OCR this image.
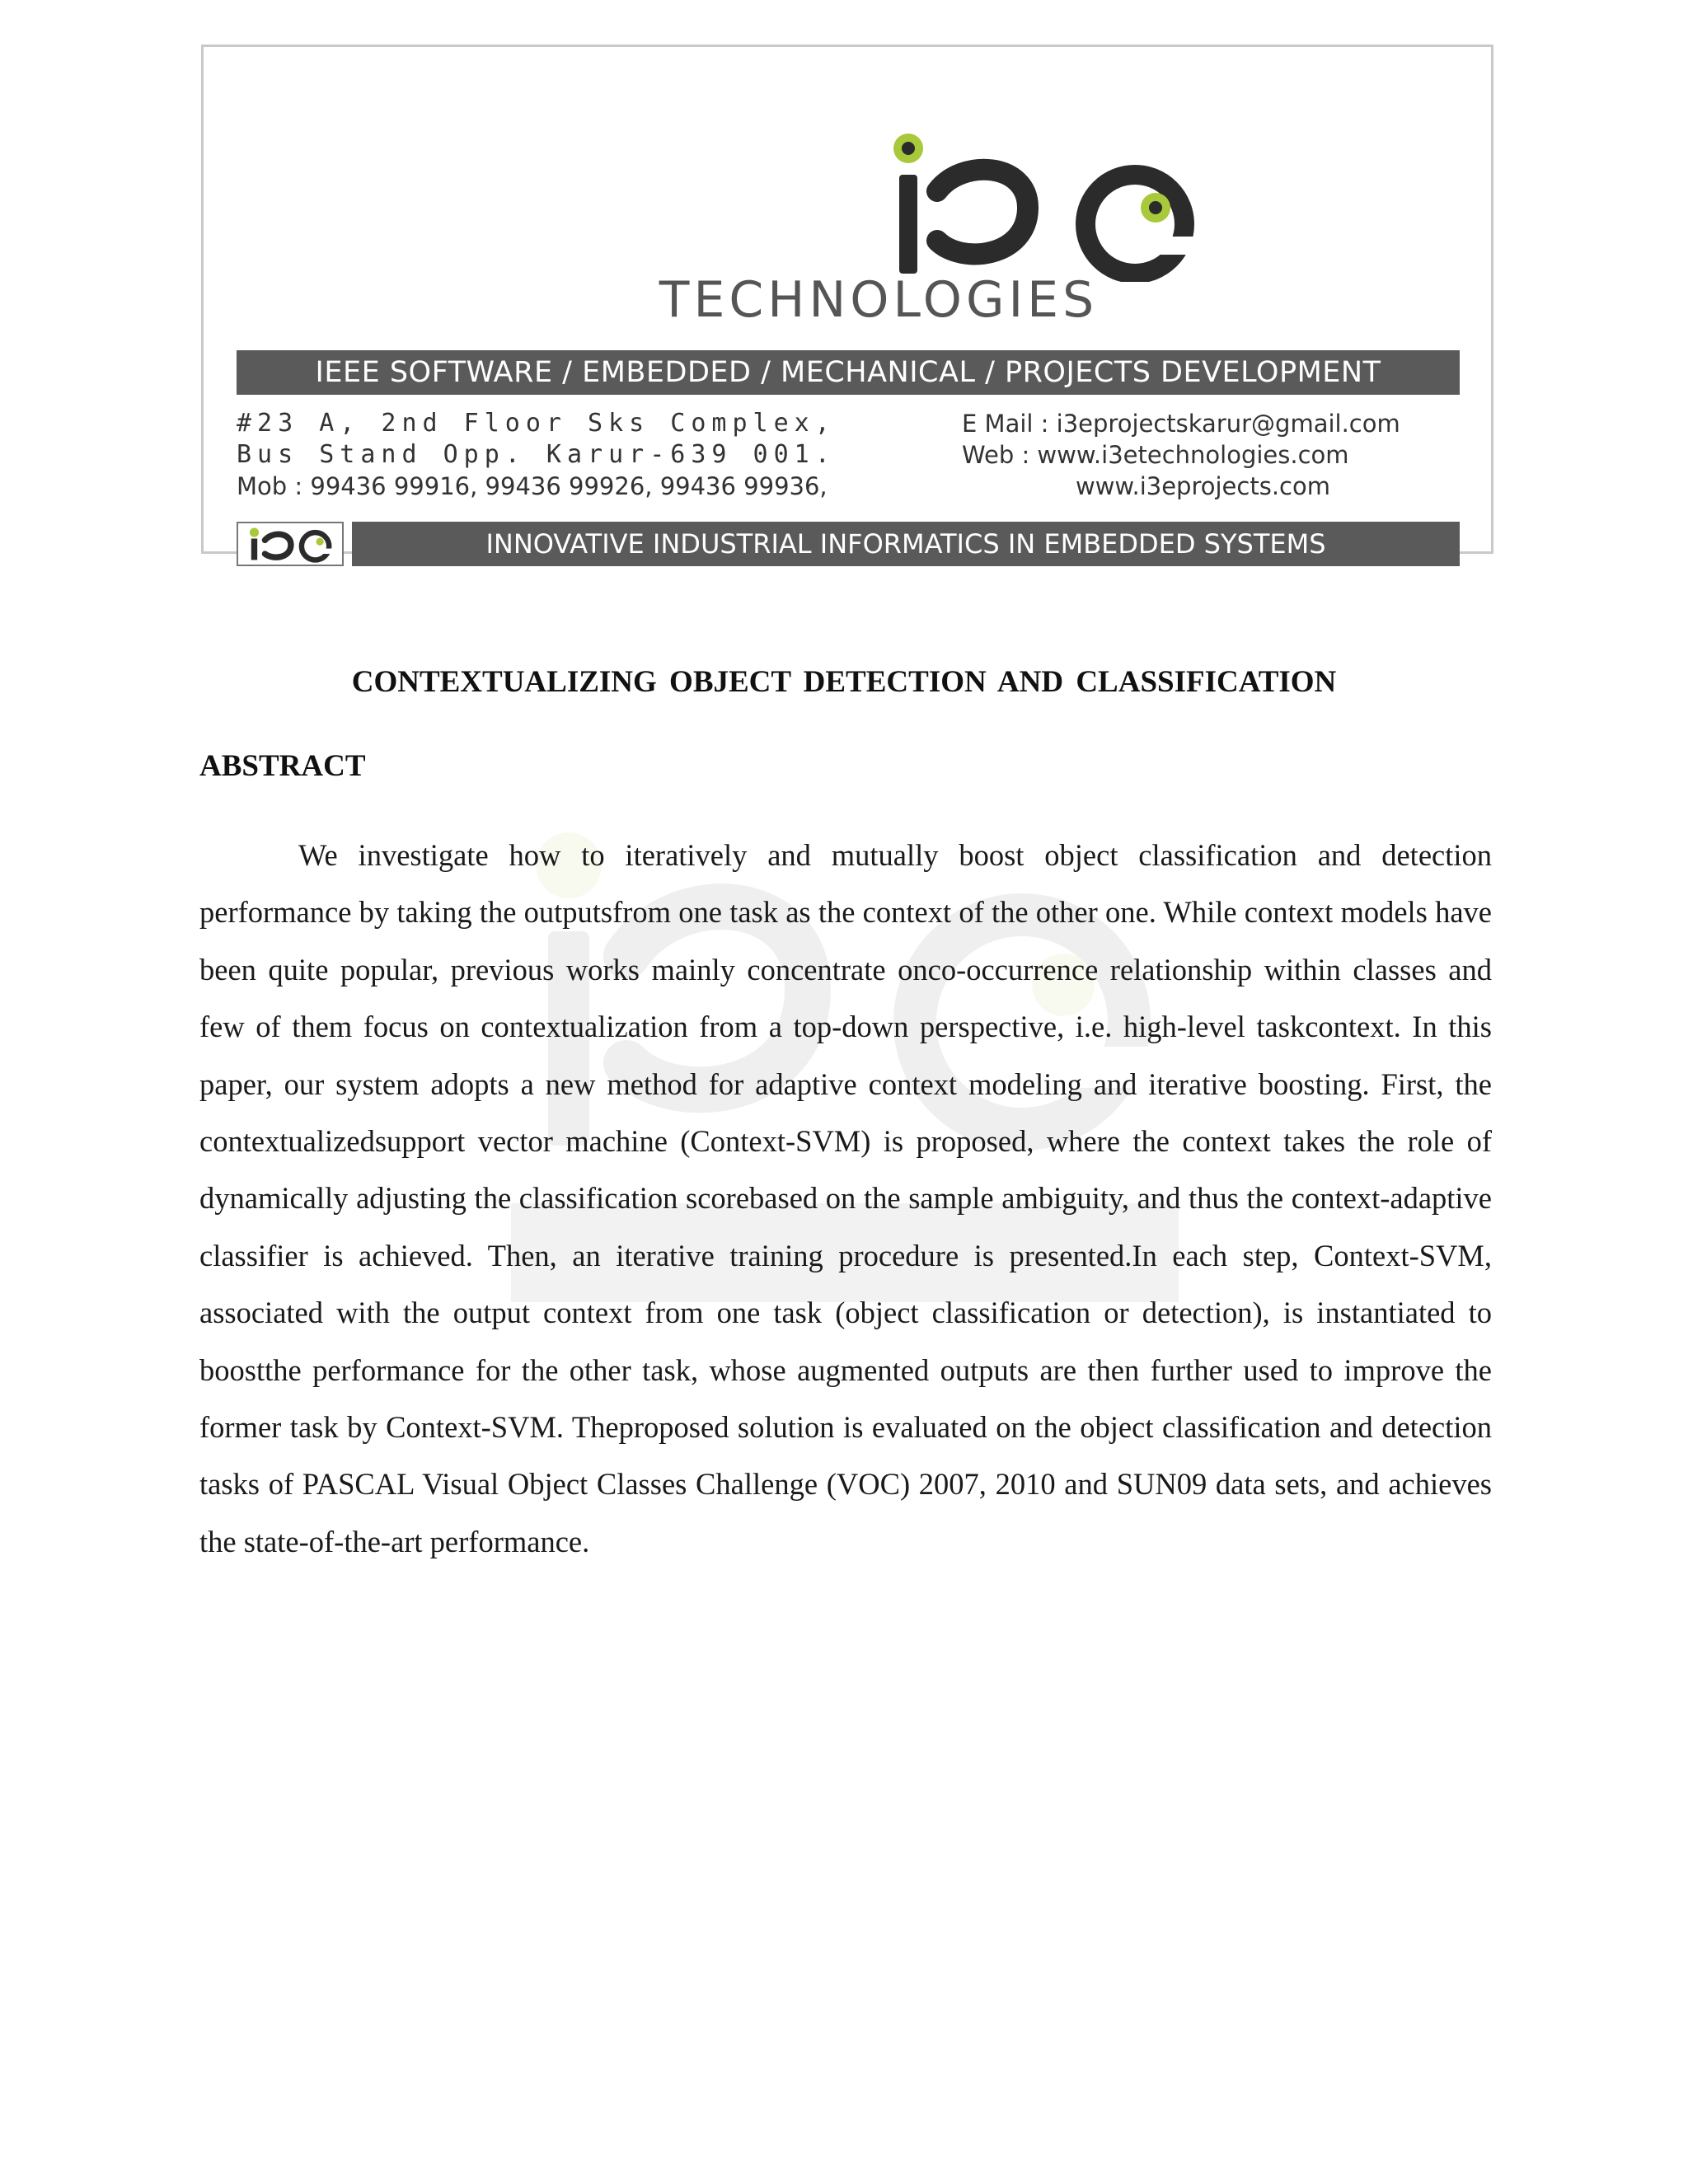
TECHNOLOGIES
IEEE SOFTWARE / EMBEDDED / MECHANICAL / PROJECTS DEVELOPMENT
#23 A, 2nd Floor Sks Complex,
Bus Stand Opp. Karur-639 001.
Mob : 99436 99916, 99436 99926, 99436 99936,
E Mail : i3eprojectskarur@gmail.com
Web : www.i3etechnologies.com
www.i3eprojects.com
INNOVATIVE INDUSTRIAL INFORMATICS IN EMBEDDED SYSTEMS
CONTEXTUALIZING OBJECT DETECTION AND CLASSIFICATION
ABSTRACT

We investigate how to iteratively and mutually boost object classification and detection performance by taking the outputsfrom one task as the context of the other one. While context models have been quite popular, previous works mainly concentrate onco-occurrence relationship within classes and few of them focus on contextualization from a top-down perspective, i.e. high-level taskcontext. In this paper, our system adopts a new method for adaptive context modeling and iterative boosting. First, the contextualizedsupport vector machine (Context-SVM) is proposed, where the context takes the role of dynamically adjusting the classification scorebased on the sample ambiguity, and thus the context-adaptive classifier is achieved. Then, an iterative training procedure is presented.In each step, Context-SVM, associated with the output context from one task (object classification or detection), is instantiated to boostthe performance for the other task, whose augmented outputs are then further used to improve the former task by Context-SVM. Theproposed solution is evaluated on the object classification and detection tasks of PASCAL Visual Object Classes Challenge (VOC) 2007, 2010 and SUN09 data sets, and achieves the state-of-the-art performance.
